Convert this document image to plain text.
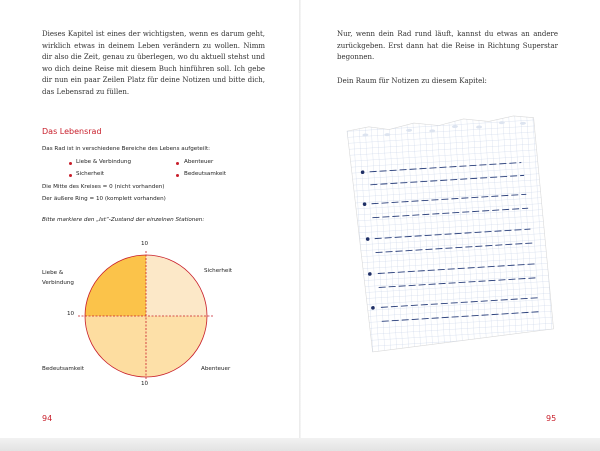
Dieses Kapitel ist eines der wichtigsten, wenn es darum geht, wirklich etwas in deinem Leben verändern zu wollen. Nimm dir also die Zeit, genau zu überlegen, wo du aktuell stehst und wo dich deine Reise mit diesem Buch hinführen soll. Ich gebe dir nun ein paar Zeilen Platz für deine Notizen und bitte dich, das Lebensrad zu füllen.
Das Lebensrad
Das Rad ist in verschiedene Bereiche des Lebens aufgeteilt:
Liebe & Verbindung	Abenteuer
Sicherheit	Bedeutsamkeit
Die Mitte des Kreises = 0 (nicht vorhanden)
Der äußere Ring = 10 (komplett vorhanden)
Bitte markiere den „Ist“-Zustand der einzelnen Stationen:
10
10
10
Liebe &
Verbindung
Sicherheit
Bedeutsamkeit	Abenteuer
94
Nur, wenn dein Rad rund läuft, kannst du etwas an andere zurückgeben. Erst dann hat die Reise in Richtung Superstar begonnen.
Dein Raum für Notizen zu diesem Kapitel:
95
